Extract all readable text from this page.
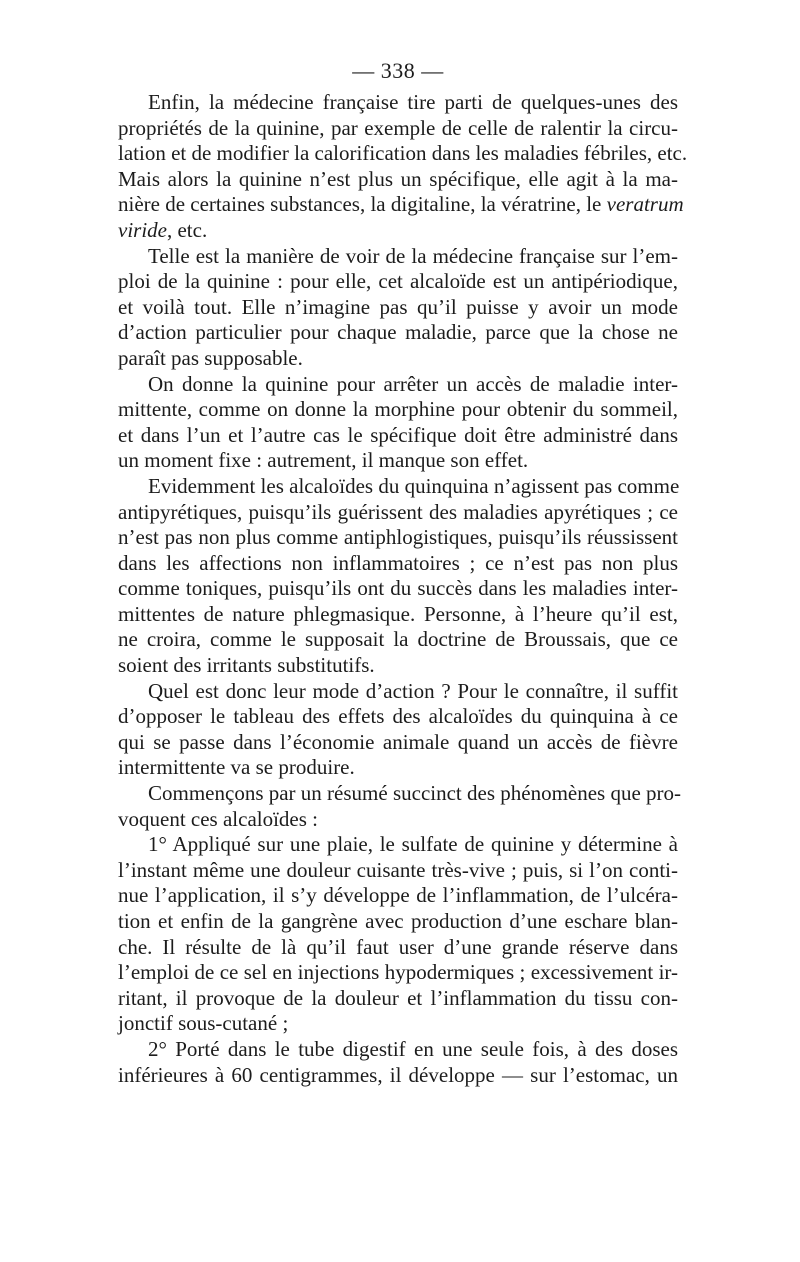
— 338 —

Enfin, la médecine française tire parti de quelques-unes des
propriétés de la quinine, par exemple de celle de ralentir la circu-
lation et de modifier la calorification dans les maladies fébriles, etc.
Mais alors la quinine n’est plus un spécifique, elle agit à la ma-
nière de certaines substances, la digitaline, la vératrine, le veratrum
viride, etc.

Telle est la manière de voir de la médecine française sur l’em-
ploi de la quinine : pour elle, cet alcaloïde est un antipériodique,
et voilà tout. Elle n’imagine pas qu’il puisse y avoir un mode
d’action particulier pour chaque maladie, parce que la chose ne
paraît pas supposable.

On donne la quinine pour arrêter un accès de maladie inter-
mittente, comme on donne la morphine pour obtenir du sommeil,
et dans l’un et l’autre cas le spécifique doit être administré dans
un moment fixe : autrement, il manque son effet.

Evidemment les alcaloïdes du quinquina n’agissent pas comme
antipyrétiques, puisqu’ils guérissent des maladies apyrétiques ; ce
n’est pas non plus comme antiphlogistiques, puisqu’ils réussissent
dans les affections non inflammatoires ; ce n’est pas non plus
comme toniques, puisqu’ils ont du succès dans les maladies inter-
mittentes de nature phlegmasique. Personne, à l’heure qu’il est,
ne croira, comme le supposait la doctrine de Broussais, que ce
soient des irritants substitutifs.

Quel est donc leur mode d’action ? Pour le connaître, il suffit
d’opposer le tableau des effets des alcaloïdes du quinquina à ce
qui se passe dans l’économie animale quand un accès de fièvre
intermittente va se produire.

Commençons par un résumé succinct des phénomènes que pro-
voquent ces alcaloïdes :

1° Appliqué sur une plaie, le sulfate de quinine y détermine à
l’instant même une douleur cuisante très-vive ; puis, si l’on conti-
nue l’application, il s’y développe de l’inflammation, de l’ulcéra-
tion et enfin de la gangrène avec production d’une eschare blan-
che. Il résulte de là qu’il faut user d’une grande réserve dans
l’emploi de ce sel en injections hypodermiques ; excessivement ir-
ritant, il provoque de la douleur et l’inflammation du tissu con-
jonctif sous-cutané ;

2° Porté dans le tube digestif en une seule fois, à des doses
inférieures à 60 centigrammes, il développe — sur l’estomac, un
